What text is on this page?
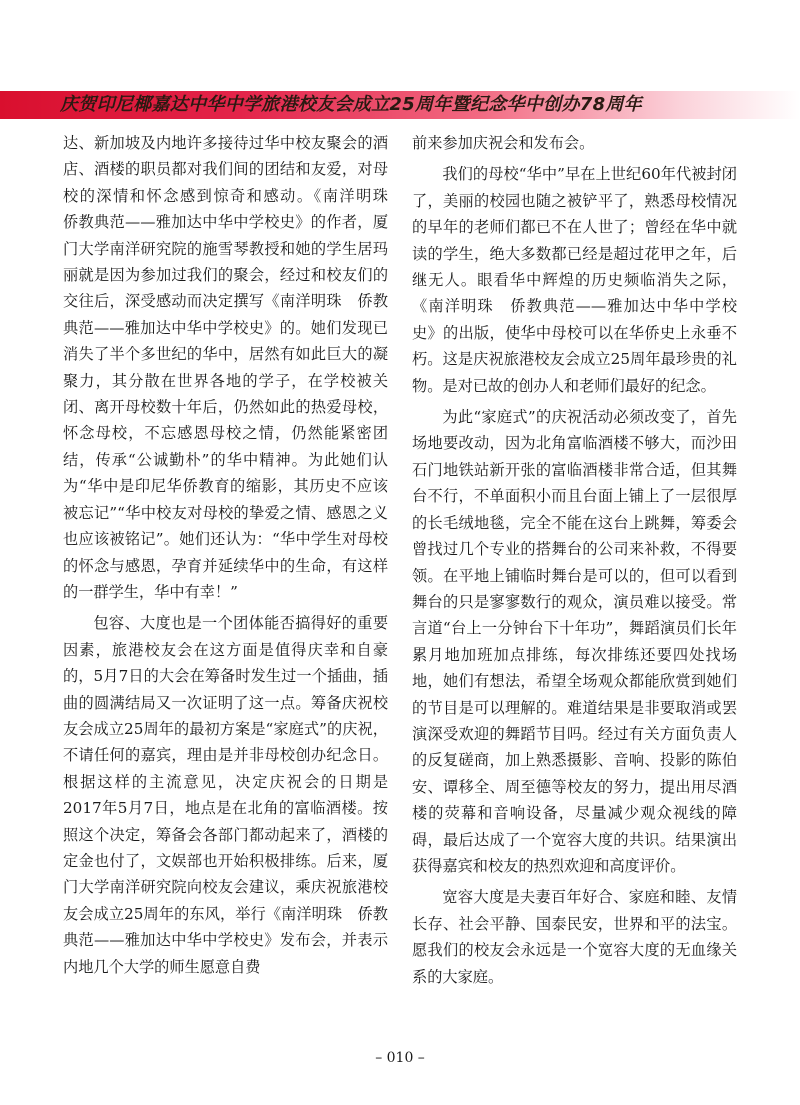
庆贺印尼椰嘉达中华中学旅港校友会成立25周年暨纪念华中创办78周年

达、新加坡及内地许多接待过华中校友聚会的酒店、酒楼的职员都对我们间的团结和友爱，对母校的深情和怀念感到惊奇和感动。《南洋明珠　侨教典范——雅加达中华中学校史》的作者，厦门大学南洋研究院的施雪琴教授和她的学生居玛丽就是因为参加过我们的聚会，经过和校友们的交往后，深受感动而决定撰写《南洋明珠　侨教典范——雅加达中华中学校史》的。她们发现已消失了半个多世纪的华中，居然有如此巨大的凝聚力，其分散在世界各地的学子，在学校被关闭、离开母校数十年后，仍然如此的热爱母校，怀念母校，不忘感恩母校之情，仍然能紧密团结，传承“公诚勤朴”的华中精神。为此她们认为“华中是印尼华侨教育的缩影，其历史不应该被忘记”“华中校友对母校的挚爱之情、感恩之义也应该被铭记”。她们还认为：“华中学生对母校的怀念与感恩，孕育并延续华中的生命，有这样的一群学生，华中有幸！”

包容、大度也是一个团体能否搞得好的重要因素，旅港校友会在这方面是值得庆幸和自豪的，5月7日的大会在筹备时发生过一个插曲，插曲的圆满结局又一次证明了这一点。筹备庆祝校友会成立25周年的最初方案是“家庭式”的庆祝，不请任何的嘉宾，理由是并非母校创办纪念日。根据这样的主流意见，决定庆祝会的日期是2017年5月7日，地点是在北角的富临酒楼。按照这个决定，筹备会各部门都动起来了，酒楼的定金也付了，文娱部也开始积极排练。后来，厦门大学南洋研究院向校友会建议，乘庆祝旅港校友会成立25周年的东风，举行《南洋明珠　侨教典范——雅加达中华中学校史》发布会，并表示内地几个大学的师生愿意自费

前来参加庆祝会和发布会。

我们的母校“华中”早在上世纪60年代被封闭了，美丽的校园也随之被铲平了，熟悉母校情况的早年的老师们都已不在人世了；曾经在华中就读的学生，绝大多数都已经是超过花甲之年，后继无人。眼看华中辉煌的历史频临消失之际，《南洋明珠　侨教典范——雅加达中华中学校史》的出版，使华中母校可以在华侨史上永垂不朽。这是庆祝旅港校友会成立25周年最珍贵的礼物。是对已故的创办人和老师们最好的纪念。

为此“家庭式”的庆祝活动必须改变了，首先场地要改动，因为北角富临酒楼不够大，而沙田石门地铁站新开张的富临酒楼非常合适，但其舞台不行，不单面积小而且台面上铺上了一层很厚的长毛绒地毯，完全不能在这台上跳舞，筹委会曾找过几个专业的搭舞台的公司来补救，不得要领。在平地上铺临时舞台是可以的，但可以看到舞台的只是寥寥数行的观众，演员难以接受。常言道“台上一分钟台下十年功”，舞蹈演员们长年累月地加班加点排练，每次排练还要四处找场地，她们有想法，希望全场观众都能欣赏到她们的节目是可以理解的。难道结果是非要取消或罢演深受欢迎的舞蹈节目吗。经过有关方面负责人的反复磋商，加上熟悉摄影、音响、投影的陈伯安、谭移全、周至德等校友的努力，提出用尽酒楼的荧幕和音响设备，尽量减少观众视线的障碍，最后达成了一个宽容大度的共识。结果演出获得嘉宾和校友的热烈欢迎和高度评价。

宽容大度是夫妻百年好合、家庭和睦、友情长存、社会平静、国泰民安，世界和平的法宝。愿我们的校友会永远是一个宽容大度的无血缘关系的大家庭。

– 010 –
